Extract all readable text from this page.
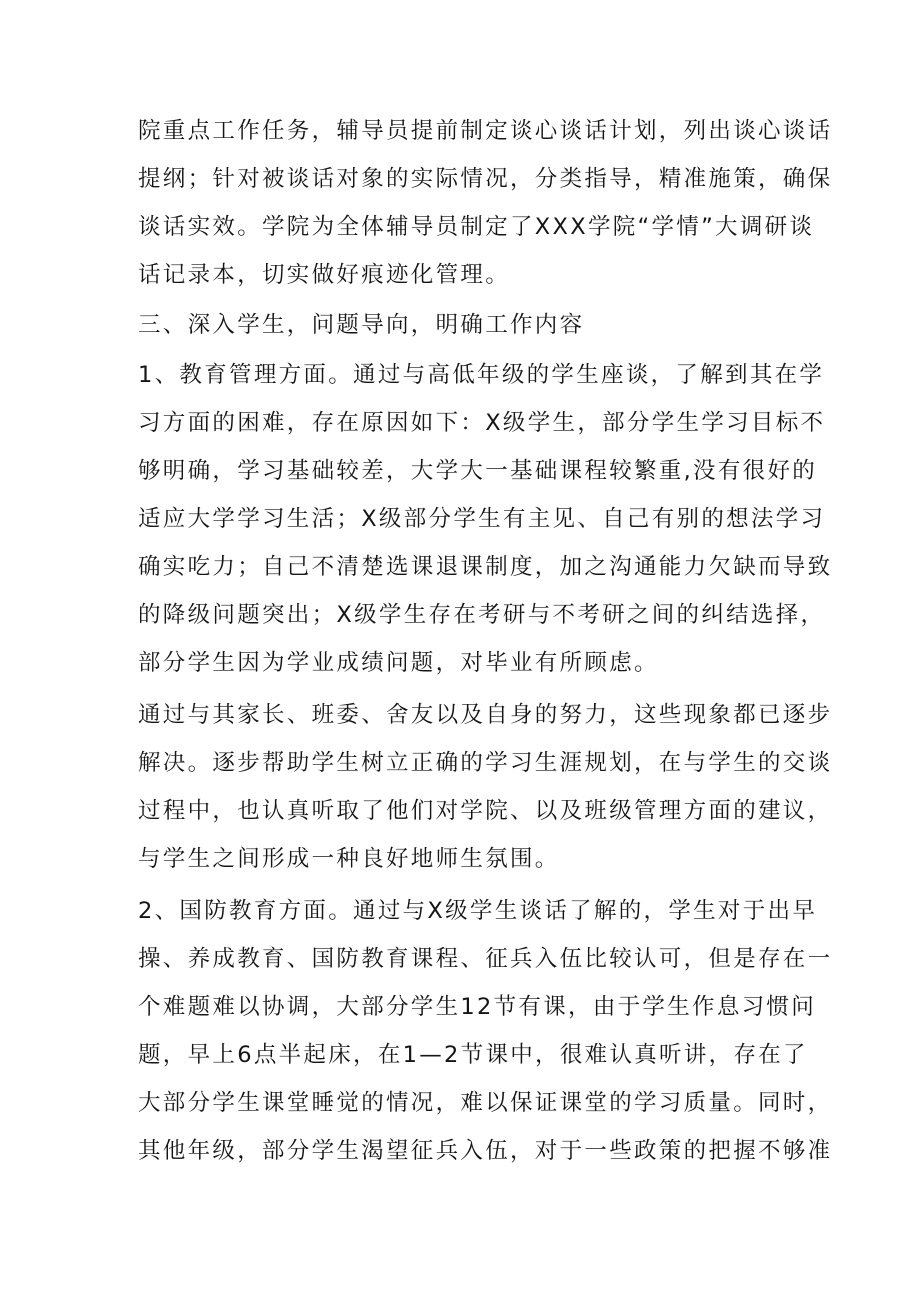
院重点工作任务，辅导员提前制定谈心谈话计划，列出谈心谈话
提纲；针对被谈话对象的实际情况，分类指导，精准施策，确保
谈话实效。学院为全体辅导员制定了XXX学院“学情”大调研谈
话记录本，切实做好痕迹化管理。
三、深入学生，问题导向，明确工作内容
1、教育管理方面。通过与高低年级的学生座谈，了解到其在学
习方面的困难，存在原因如下：X级学生，部分学生学习目标不
够明确，学习基础较差，大学大一基础课程较繁重,没有很好的
适应大学学习生活；X级部分学生有主见、自己有别的想法学习
确实吃力；自己不清楚选课退课制度，加之沟通能力欠缺而导致
的降级问题突出；X级学生存在考研与不考研之间的纠结选择，
部分学生因为学业成绩问题，对毕业有所顾虑。
通过与其家长、班委、舍友以及自身的努力，这些现象都已逐步
解决。逐步帮助学生树立正确的学习生涯规划，在与学生的交谈
过程中，也认真听取了他们对学院、以及班级管理方面的建议，
与学生之间形成一种良好地师生氛围。
2、国防教育方面。通过与X级学生谈话了解的，学生对于出早
操、养成教育、国防教育课程、征兵入伍比较认可，但是存在一
个难题难以协调，大部分学生12节有课，由于学生作息习惯问
题，早上6点半起床，在1—2节课中，很难认真听讲，存在了
大部分学生课堂睡觉的情况，难以保证课堂的学习质量。同时，
其他年级，部分学生渴望征兵入伍，对于一些政策的把握不够准
